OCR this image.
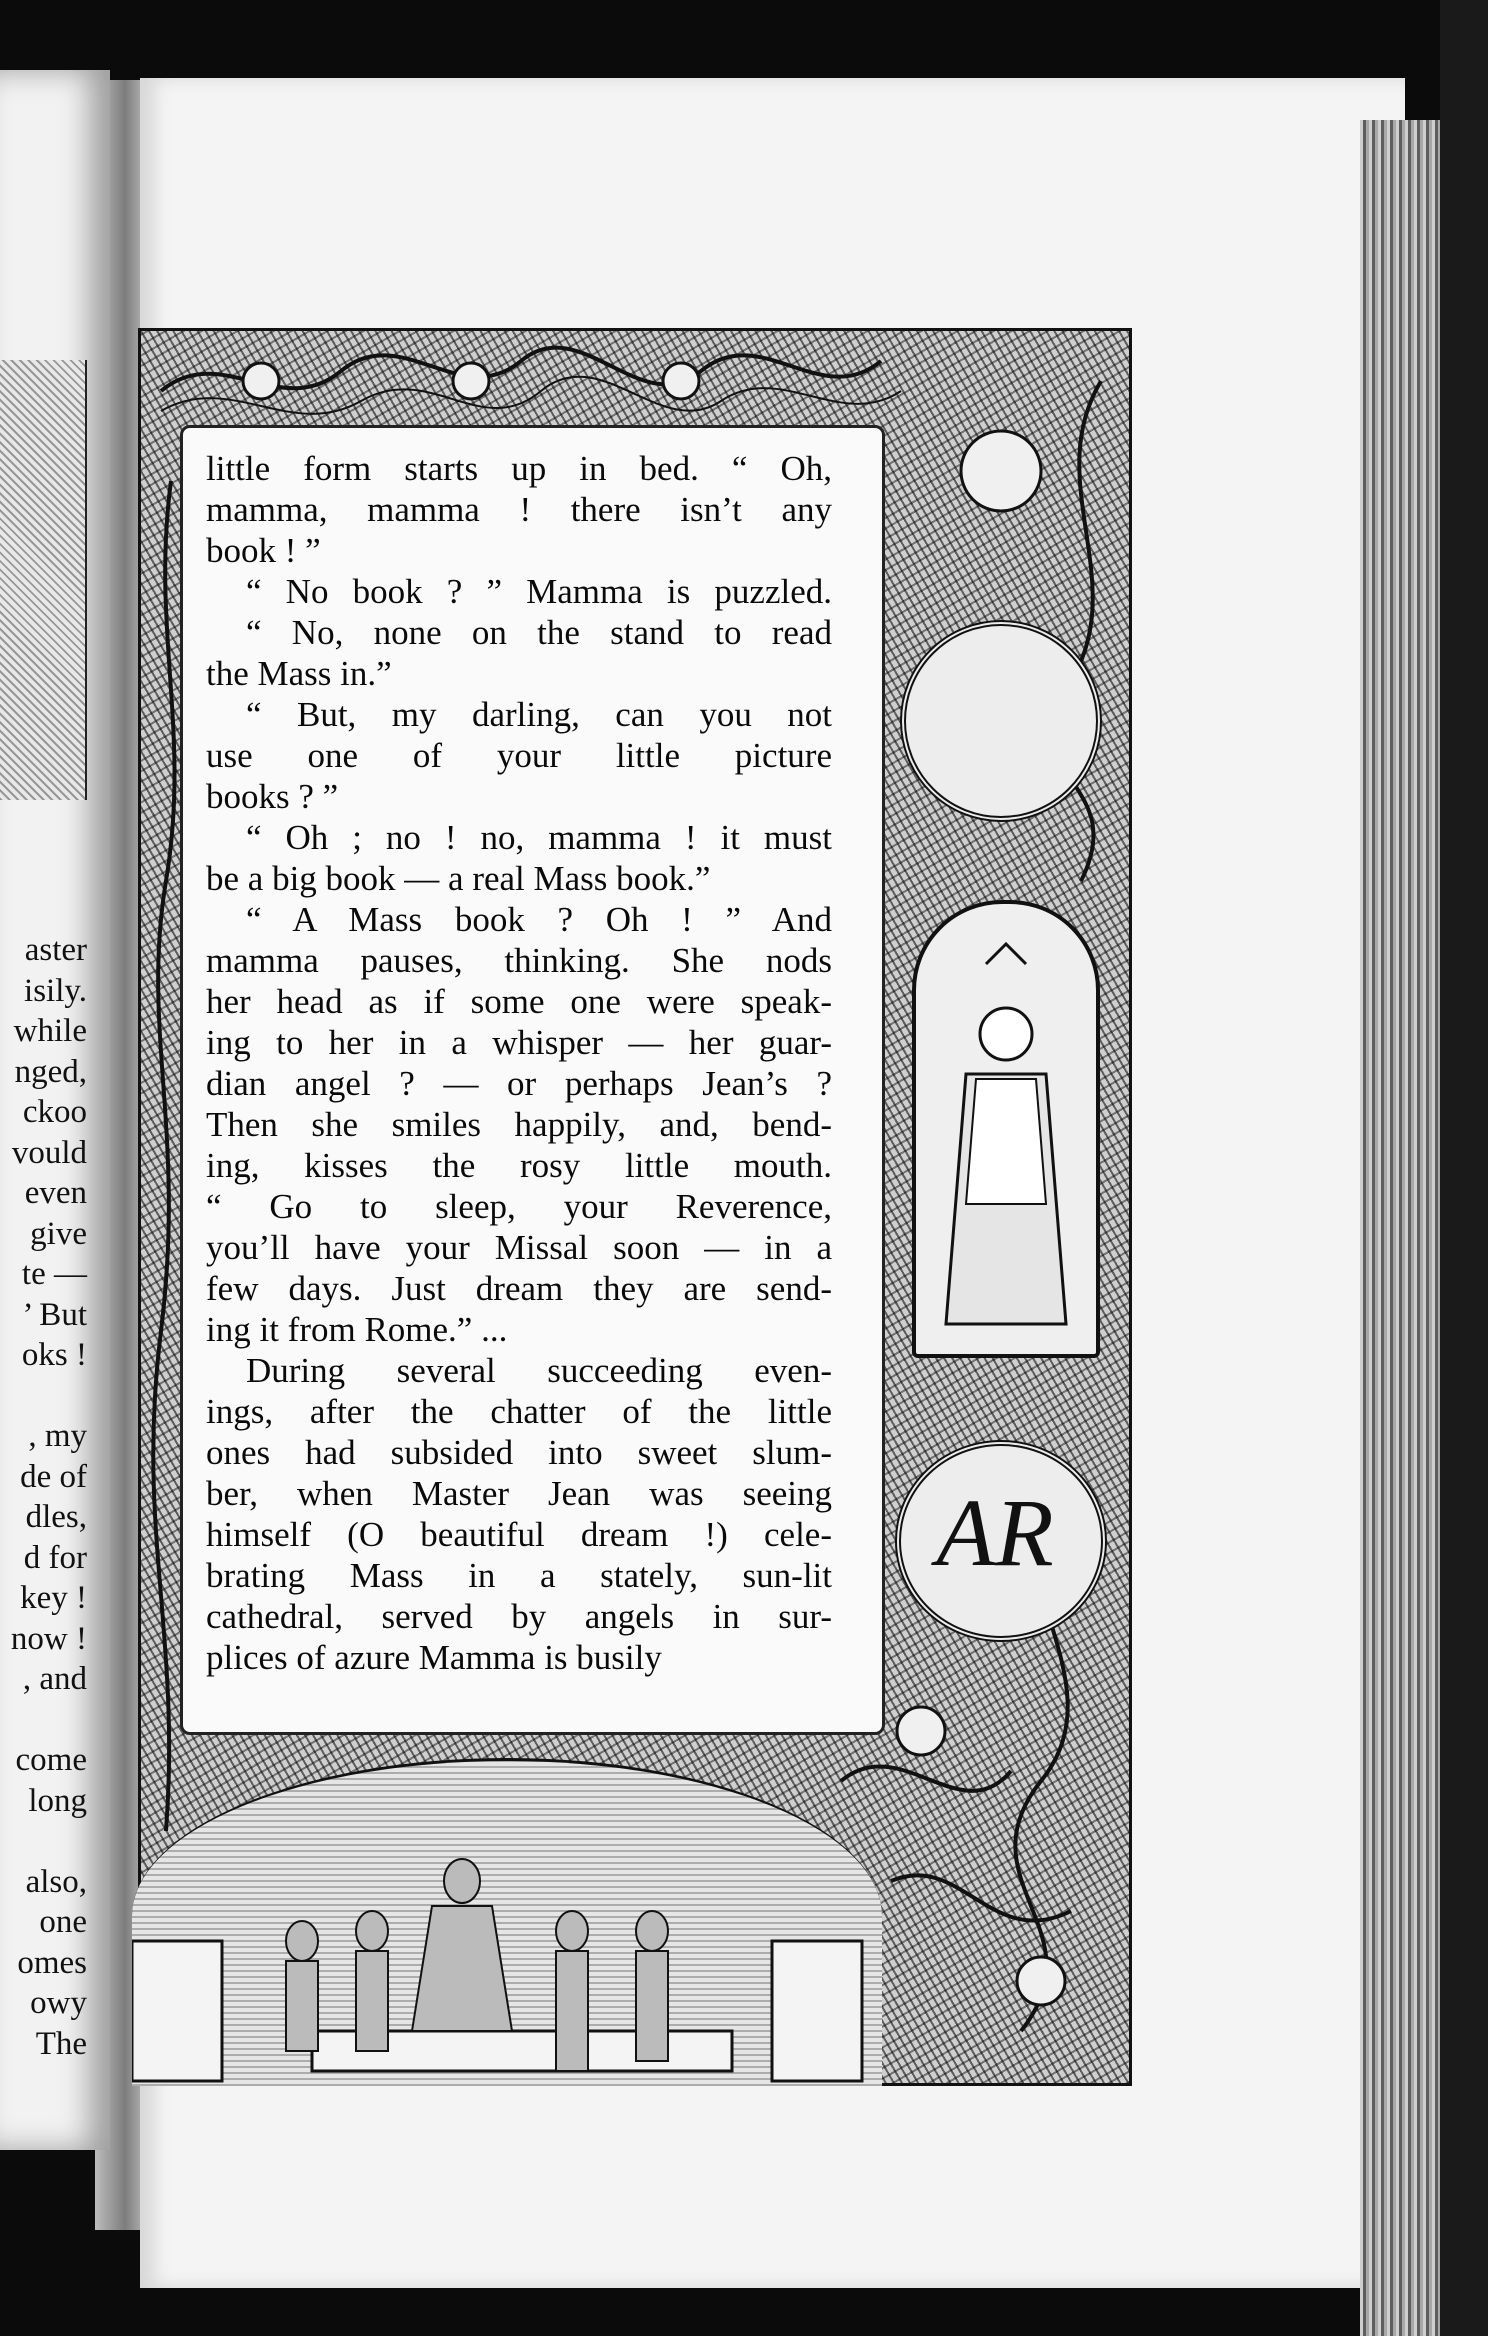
aster
isily.
while
nged,
ckoo
vould
even
give
te —
’ But
oks !
, my
de of
dles,
d for
key !
now !
, and
come
long
also,
one
omes
owy
The
AR
little form starts up in bed. “ Oh,
mamma, mamma ! there isn’t any
book ! ”
“ No book ? ” Mamma is puzzled.
“ No, none on the stand to read
the Mass in.”
“ But, my darling, can you not
use one of your little picture
books ? ”
“ Oh ; no ! no, mamma ! it must
be a big book — a real Mass book.”
“ A Mass book ? Oh ! ” And
mamma pauses, thinking. She nods
her head as if some one were speak-
ing to her in a whisper — her guar-
dian angel ? — or perhaps Jean’s ?
Then she smiles happily, and, bend-
ing, kisses the rosy little mouth.
“ Go to sleep, your Reverence,
you’ll have your Missal soon — in a
few days. Just dream they are send-
ing it from Rome.” ...
During several succeeding even-
ings, after the chatter of the little
ones had subsided into sweet slum-
ber, when Master Jean was seeing
himself (O beautiful dream !) cele-
brating Mass in a stately, sun-lit
cathedral, served by angels in sur-
plices of azure Mamma is busily
